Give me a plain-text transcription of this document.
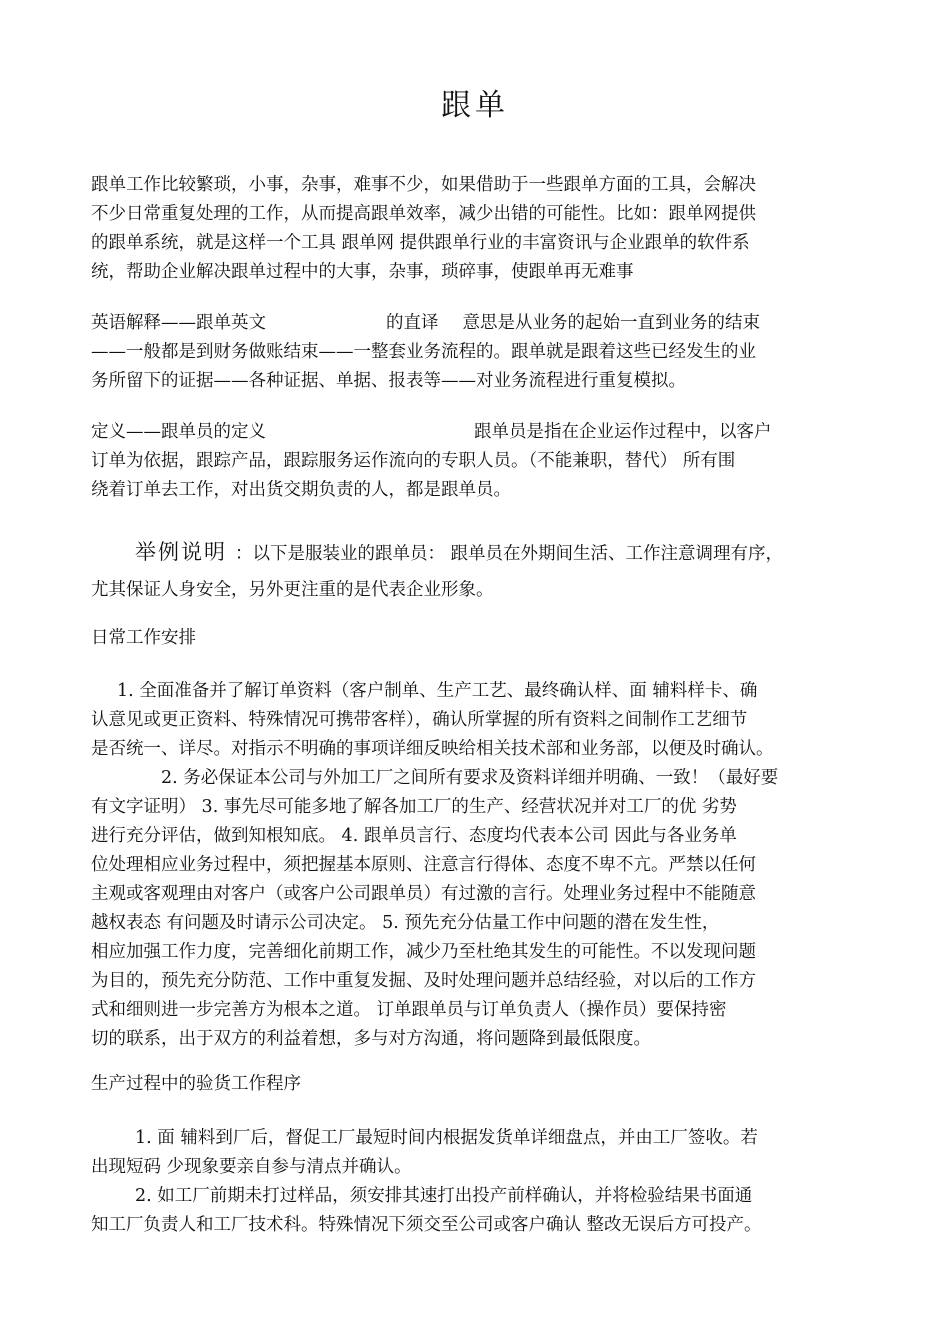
跟单
跟单工作比较繁琐，小事，杂事，难事不少，如果借助于一些跟单方面的工具，会解决
不少日常重复处理的工作，从而提高跟单效率，减少出错的可能性。比如：跟单网提供
的跟单系统，就是这样一个工具 跟单网 提供跟单行业的丰富资讯与企业跟单的软件系
统，帮助企业解决跟单过程中的大事，杂事，琐碎事，使跟单再无难事
英语解释——跟单英文	的直译 意思是从业务的起始一直到业务的结束
——一般都是到财务做账结束——一整套业务流程的。跟单就是跟着这些已经发生的业
务所留下的证据——各种证据、单据、报表等——对业务流程进行重复模拟。
定义——跟单员的定义	跟单员是指在企业运作过程中，以客户
订单为依据，跟踪产品，跟踪服务运作流向的专职人员。（不能兼职，替代） 所有围
绕着订单去工作，对出货交期负责的人，都是跟单员。
举例说明 ：以下是服装业的跟单员： 跟单员在外期间生活、工作注意调理有序，
尤其保证人身安全，另外更注重的是代表企业形象。
日常工作安排
1. 全面准备并了解订单资料（客户制单、生产工艺、最终确认样、面 辅料样卡、确
认意见或更正资料、特殊情况可携带客样），确认所掌握的所有资料之间制作工艺细节
是否统一、详尽。对指示不明确的事项详细反映给相关技术部和业务部，以便及时确认。
2. 务必保证本公司与外加工厂之间所有要求及资料详细并明确、一致！（最好要
有文字证明） 3. 事先尽可能多地了解各加工厂的生产、经营状况并对工厂的优 劣势
进行充分评估，做到知根知底。 4. 跟单员言行、态度均代表本公司 因此与各业务单
位处理相应业务过程中，须把握基本原则、注意言行得体、态度不卑不亢。严禁以任何
主观或客观理由对客户（或客户公司跟单员）有过激的言行。处理业务过程中不能随意
越权表态 有问题及时请示公司决定。 5. 预先充分估量工作中问题的潜在发生性，
相应加强工作力度，完善细化前期工作，减少乃至杜绝其发生的可能性。不以发现问题
为目的，预先充分防范、工作中重复发掘、及时处理问题并总结经验，对以后的工作方
式和细则进一步完善方为根本之道。 订单跟单员与订单负责人（操作员）要保持密
切的联系，出于双方的利益着想，多与对方沟通，将问题降到最低限度。
生产过程中的验货工作程序
1. 面 辅料到厂后，督促工厂最短时间内根据发货单详细盘点，并由工厂签收。若
出现短码 少现象要亲自参与清点并确认。
2. 如工厂前期未打过样品，须安排其速打出投产前样确认，并将检验结果书面通
知工厂负责人和工厂技术科。特殊情况下须交至公司或客户确认 整改无误后方可投产。
